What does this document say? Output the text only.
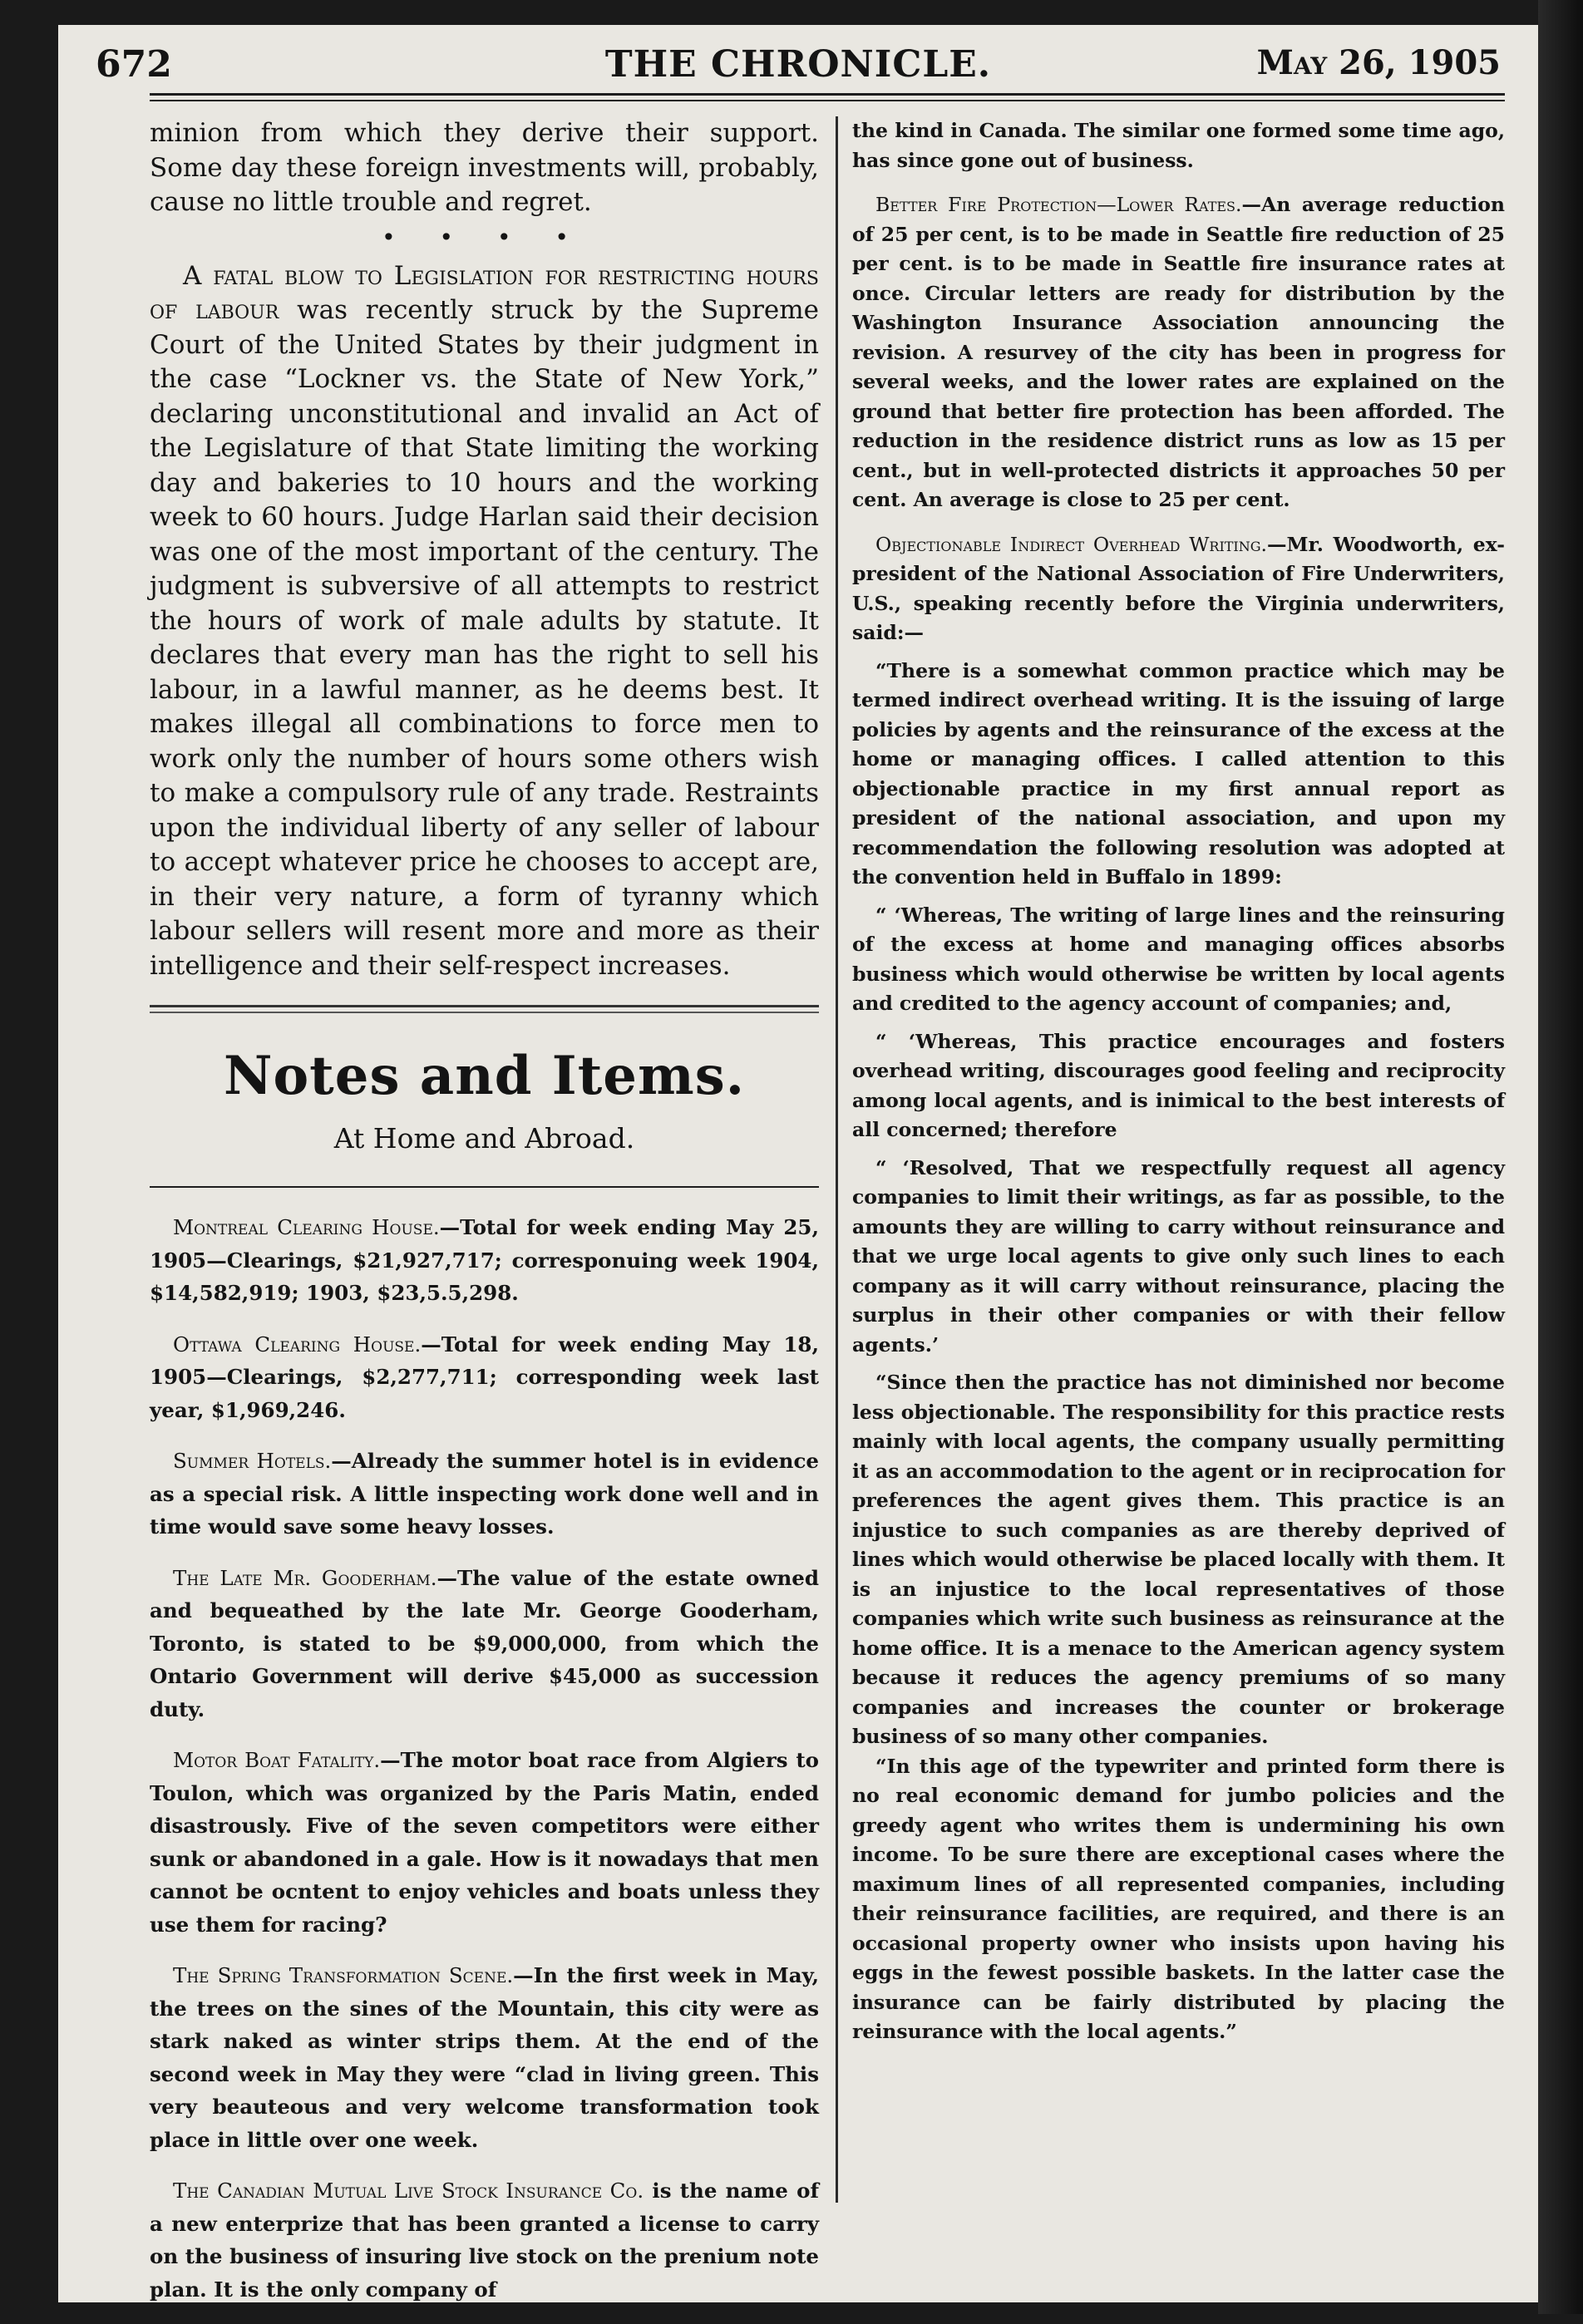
672	THE CHRONICLE.	May 26, 1905

minion from which they derive their support. Some day these foreign investments will, probably, cause no little trouble and regret.

• • • •

A fatal blow to Legislation for restricting hours of labour was recently struck by the Supreme Court of the United States by their judgment in the case “Lockner vs. the State of New York,” declaring unconstitutional and invalid an Act of the Legislature of that State limiting the working day and bakeries to 10 hours and the working week to 60 hours. Judge Harlan said their decision was one of the most important of the century. The judgment is subversive of all attempts to restrict the hours of work of male adults by statute. It declares that every man has the right to sell his labour, in a lawful manner, as he deems best. It makes illegal all combinations to force men to work only the number of hours some others wish to make a compulsory rule of any trade. Restraints upon the individual liberty of any seller of labour to accept whatever price he chooses to accept are, in their very nature, a form of tyranny which labour sellers will resent more and more as their intelligence and their self-respect increases.

Notes and Items.
At Home and Abroad.

Montreal Clearing House.—Total for week ending May 25, 1905—Clearings, $21,927,717; corresponuing week 1904, $14,582,919; 1903, $23,5.5,298.

Ottawa Clearing House.—Total for week ending May 18, 1905—Clearings, $2,277,711; corresponding week last year, $1,969,246.

Summer Hotels.—Already the summer hotel is in evidence as a special risk. A little inspecting work done well and in time would save some heavy losses.

The Late Mr. Gooderham.—The value of the estate owned and bequeathed by the late Mr. George Gooderham, Toronto, is stated to be $9,000,000, from which the Ontario Government will derive $45,000 as succession duty.

Motor Boat Fatality.—The motor boat race from Algiers to Toulon, which was organized by the Paris Matin, ended disastrously. Five of the seven competitors were either sunk or abandoned in a gale. How is it nowadays that men cannot be ocntent to enjoy vehicles and boats unless they use them for racing?

The Spring Transformation Scene.—In the first week in May, the trees on the sines of the Mountain, this city were as stark naked as winter strips them. At the end of the second week in May they were “clad in living green. This very beauteous and very welcome transformation took place in little over one week.

The Canadian Mutual Live Stock Insurance Co. is the name of a new enterprize that has been granted a license to carry on the business of insuring live stock on the prenium note plan. It is the only company of

the kind in Canada. The similar one formed some time ago, has since gone out of business.

Better Fire Protection—Lower Rates.—An average reduction of 25 per cent, is to be made in Seattle fire reduction of 25 per cent. is to be made in Seattle fire insurance rates at once. Circular letters are ready for distribution by the Washington Insurance Association announcing the revision. A resurvey of the city has been in progress for several weeks, and the lower rates are explained on the ground that better fire protection has been afforded. The reduction in the residence district runs as low as 15 per cent., but in well-protected districts it approaches 50 per cent. An average is close to 25 per cent.

Objectionable Indirect Overhead Writing.—Mr. Woodworth, ex-president of the National Association of Fire Underwriters, U.S., speaking recently before the Virginia underwriters, said:—

“There is a somewhat common practice which may be termed indirect overhead writing. It is the issuing of large policies by agents and the reinsurance of the excess at the home or managing offices. I called attention to this objectionable practice in my first annual report as president of the national association, and upon my recommendation the following resolution was adopted at the convention held in Buffalo in 1899:

“ ‘Whereas, The writing of large lines and the reinsuring of the excess at home and managing offices absorbs business which would otherwise be written by local agents and credited to the agency account of companies; and,

“ ‘Whereas, This practice encourages and fosters overhead writing, discourages good feeling and reciprocity among local agents, and is inimical to the best interests of all concerned; therefore

“ ‘Resolved, That we respectfully request all agency companies to limit their writings, as far as possible, to the amounts they are willing to carry without reinsurance and that we urge local agents to give only such lines to each company as it will carry without reinsurance, placing the surplus in their other companies or with their fellow agents.’

“Since then the practice has not diminished nor become less objectionable. The responsibility for this practice rests mainly with local agents, the company usually permitting it as an accommodation to the agent or in reciprocation for preferences the agent gives them. This practice is an injustice to such companies as are thereby deprived of lines which would otherwise be placed locally with them. It is an injustice to the local representatives of those companies which write such business as reinsurance at the home office. It is a menace to the American agency system because it reduces the agency premiums of so many companies and increases the counter or brokerage business of so many other companies.

“In this age of the typewriter and printed form there is no real economic demand for jumbo policies and the greedy agent who writes them is undermining his own income. To be sure there are exceptional cases where the maximum lines of all represented companies, including their reinsurance facilities, are required, and there is an occasional property owner who insists upon having his eggs in the fewest possible baskets. In the latter case the insurance can be fairly distributed by placing the reinsurance with the local agents.”
